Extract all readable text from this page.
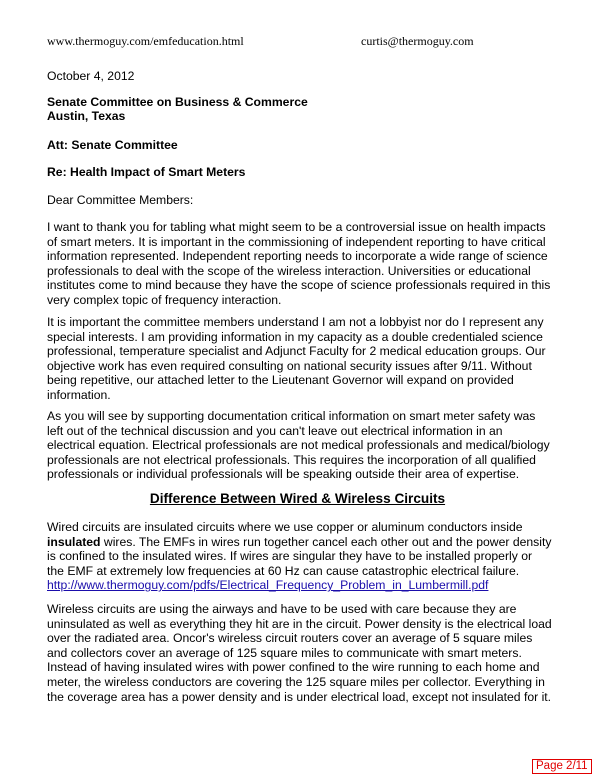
www.thermoguy.com/emfeducation.html	curtis@thermoguy.com
October 4, 2012
Senate Committee on Business & Commerce
Austin, Texas
Att: Senate Committee
Re: Health Impact of Smart Meters
Dear Committee Members:

I want to thank you for tabling what might seem to be a controversial issue on health impacts of smart meters. It is important in the commissioning of independent reporting to have critical information represented. Independent reporting needs to incorporate a wide range of science professionals to deal with the scope of the wireless interaction. Universities or educational institutes come to mind because they have the scope of science professionals required in this very complex topic of frequency interaction.

It is important the committee members understand I am not a lobbyist nor do I represent any special interests. I am providing information in my capacity as a double credentialed science professional, temperature specialist and Adjunct Faculty for 2 medical education groups. Our objective work has even required consulting on national security issues after 9/11. Without being repetitive, our attached letter to the Lieutenant Governor will expand on provided information.

As you will see by supporting documentation critical information on smart meter safety was left out of the technical discussion and you can't leave out electrical information in an electrical equation. Electrical professionals are not medical professionals and medical/biology professionals are not electrical professionals. This requires the incorporation of all qualified professionals or individual professionals will be speaking outside their area of expertise.

Difference Between Wired & Wireless Circuits

Wired circuits are insulated circuits where we use copper or aluminum conductors inside insulated wires. The EMFs in wires run together cancel each other out and the power density is confined to the insulated wires. If wires are singular they have to be installed properly or the EMF at extremely low frequencies at 60 Hz can cause catastrophic electrical failure.
http://www.thermoguy.com/pdfs/Electrical_Frequency_Problem_in_Lumbermill.pdf

Wireless circuits are using the airways and have to be used with care because they are uninsulated as well as everything they hit are in the circuit. Power density is the electrical load over the radiated area. Oncor's wireless circuit routers cover an average of 5 square miles and collectors cover an average of 125 square miles to communicate with smart meters. Instead of having insulated wires with power confined to the wire running to each home and meter, the wireless conductors are covering the 125 square miles per collector. Everything in the coverage area has a power density and is under electrical load, except not insulated for it.

Page 2/11
